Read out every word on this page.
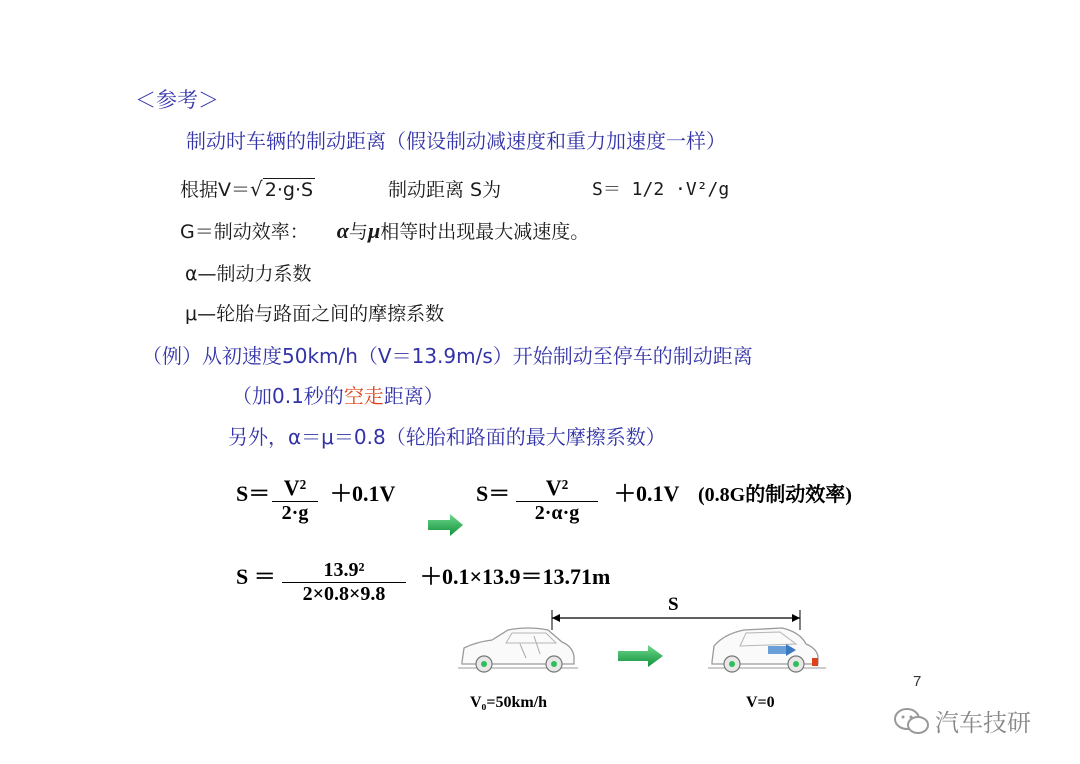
＜参考＞
制动时车辆的制动距离（假设制动减速度和重力加速度一样）
根据V＝√ 2·g·S	制动距离 S为	S＝ 1/2 ·V²/g
G＝制动效率： α与μ相等时出现最大减速度。
α—制动力系数
μ—轮胎与路面之间的摩擦系数
（例）从初速度50km/h（V＝13.9m/s）开始制动至停车的制动距离
（加0.1秒的空走距离）
另外，α＝μ＝0.8（轮胎和路面的最大摩擦系数）
S＝ V²
2·g
＋0.1V	S＝	V²
2·α·g
＋0.1V (0.8G的制动效率)
S ＝	13.9²
2×0.8×9.8
＋0.1×13.9＝13.71m
S
V₀=50km/h	V=0
7
汽车技研
